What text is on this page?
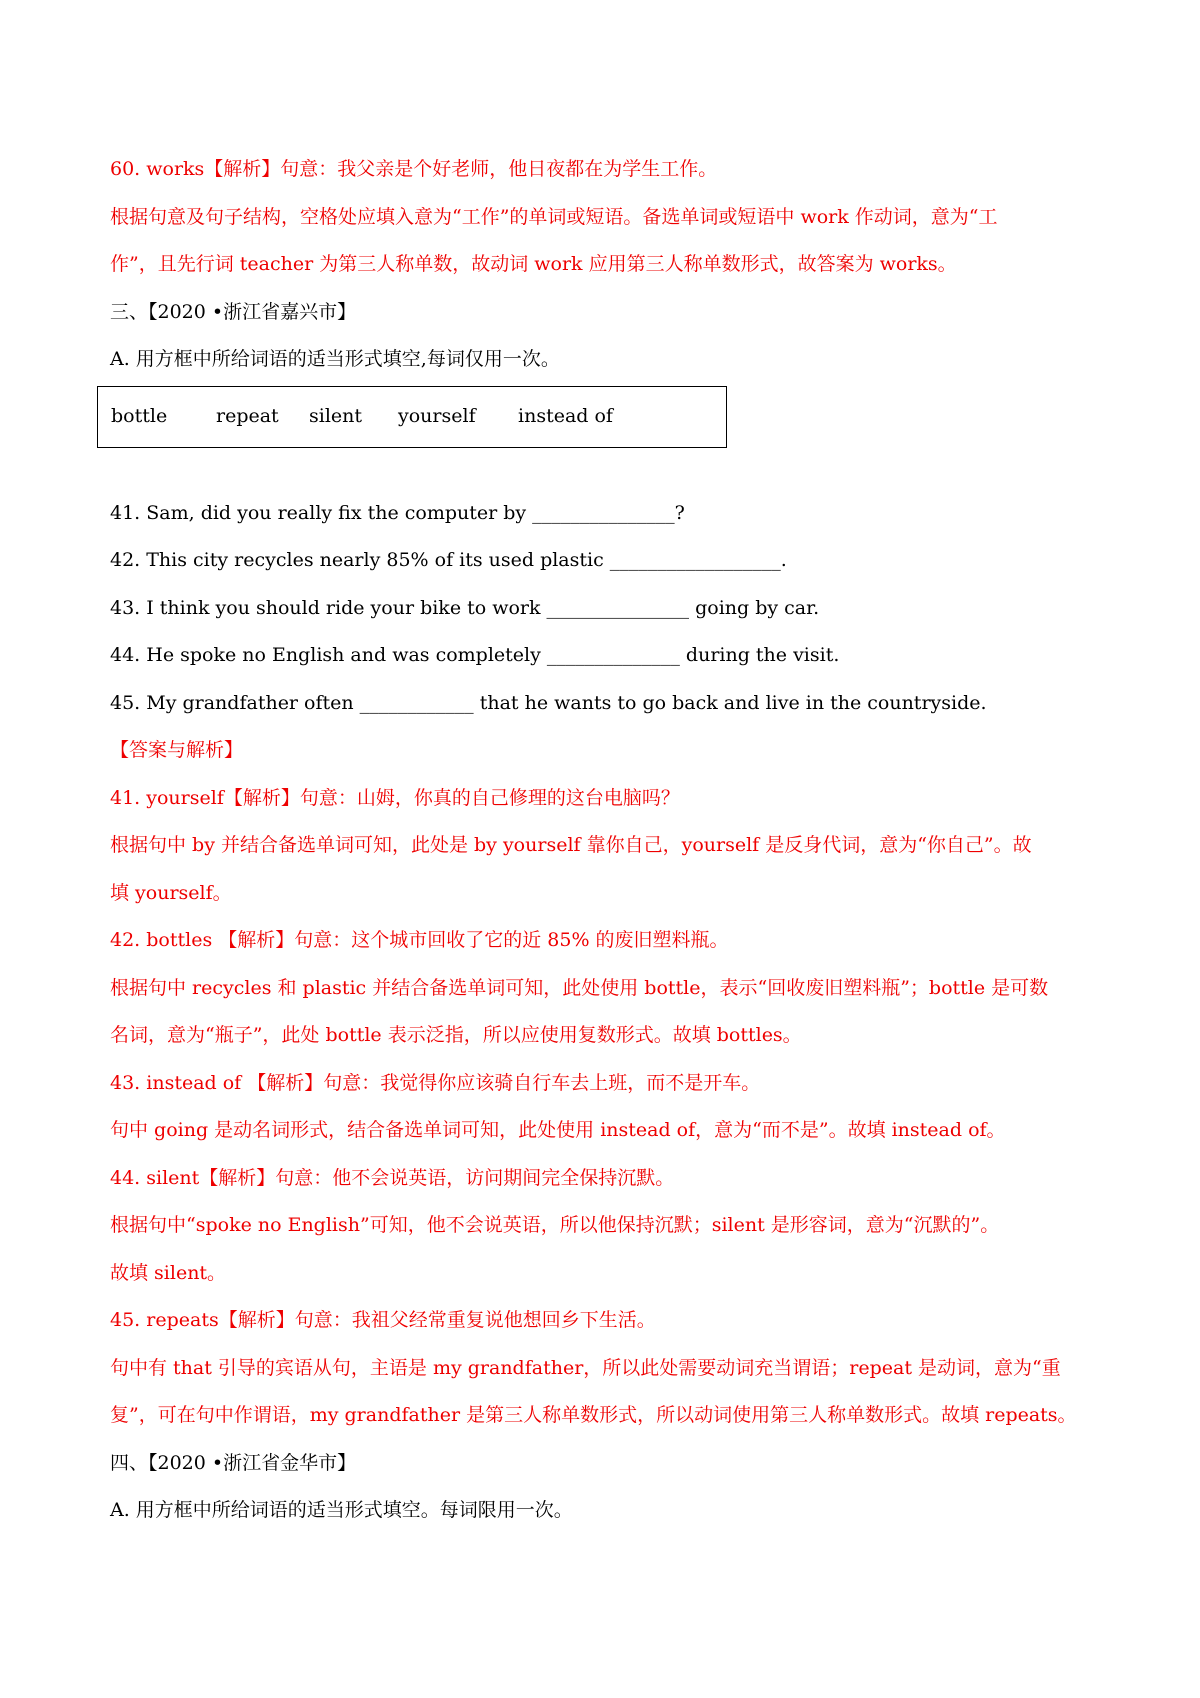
60. works【解析】句意：我父亲是个好老师，他日夜都在为学生工作。
根据句意及句子结构，空格处应填入意为“工作”的单词或短语。备选单词或短语中 work 作动词，意为“工
作”，且先行词 teacher 为第三人称单数，故动词 work 应用第三人称单数形式，故答案为 works。
三、【2020 •浙江省嘉兴市】
A. 用方框中所给词语的适当形式填空,每词仅用一次。
bottle	repeat silent yourself instead of
41. Sam, did you really fix the computer by _______________?
42. This city recycles nearly 85% of its used plastic __________________.
43. I think you should ride your bike to work _______________ going by car.
44. He spoke no English and was completely ______________ during the visit.
45. My grandfather often ____________ that he wants to go back and live in the countryside.
【答案与解析】
41. yourself【解析】句意：山姆，你真的自己修理的这台电脑吗？
根据句中 by 并结合备选单词可知，此处是 by yourself 靠你自己，yourself 是反身代词，意为“你自己”。故
填 yourself。
42. bottles 【解析】句意：这个城市回收了它的近 85% 的废旧塑料瓶。
根据句中 recycles 和 plastic 并结合备选单词可知，此处使用 bottle，表示“回收废旧塑料瓶”；bottle 是可数
名词，意为“瓶子”，此处 bottle 表示泛指，所以应使用复数形式。故填 bottles。
43. instead of 【解析】句意：我觉得你应该骑自行车去上班，而不是开车。
句中 going 是动名词形式，结合备选单词可知，此处使用 instead of，意为“而不是”。故填 instead of。
44. silent【解析】句意：他不会说英语，访问期间完全保持沉默。
根据句中“spoke no English”可知，他不会说英语，所以他保持沉默；silent 是形容词，意为“沉默的”。
故填 silent。
45. repeats【解析】句意：我祖父经常重复说他想回乡下生活。
句中有 that 引导的宾语从句，主语是 my grandfather，所以此处需要动词充当谓语；repeat 是动词，意为“重
复”，可在句中作谓语，my grandfather 是第三人称单数形式，所以动词使用第三人称单数形式。故填 repeats。
四、【2020 •浙江省金华市】
A. 用方框中所给词语的适当形式填空。每词限用一次。
